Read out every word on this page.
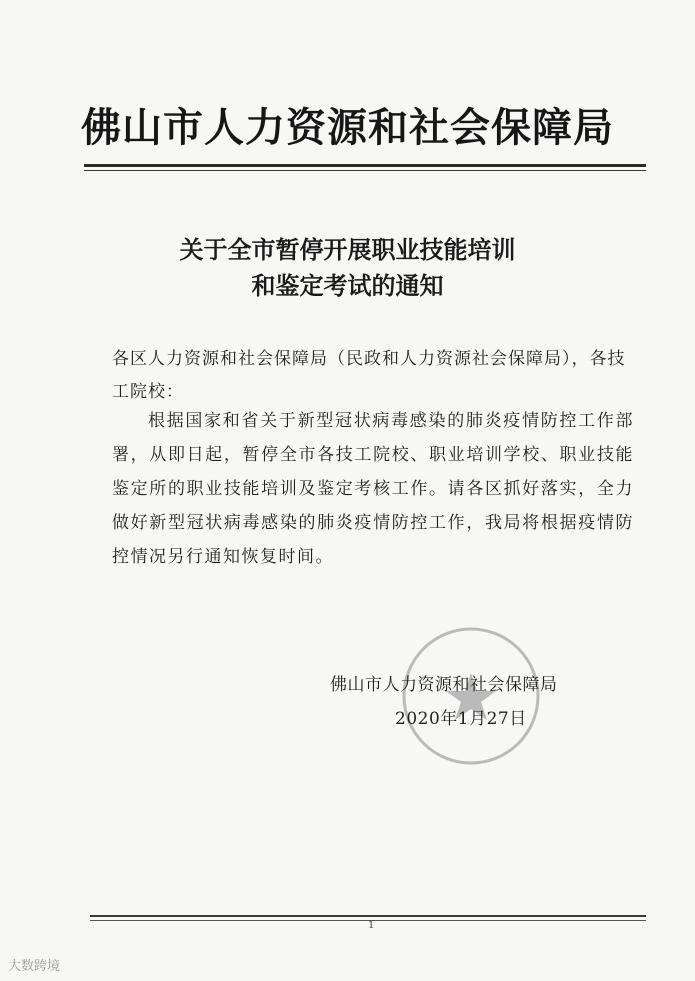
佛山市人力资源和社会保障局
关于全市暂停开展职业技能培训
和鉴定考试的通知
各区人力资源和社会保障局（民政和人力资源社会保障局），各技工院校：
根据国家和省关于新型冠状病毒感染的肺炎疫情防控工作部署，从即日起，暂停全市各技工院校、职业培训学校、职业技能鉴定所的职业技能培训及鉴定考核工作。请各区抓好落实，全力做好新型冠状病毒感染的肺炎疫情防控工作，我局将根据疫情防控情况另行通知恢复时间。
佛山市人力资源和社会保障局
2020年1月27日
1
大数跨境
